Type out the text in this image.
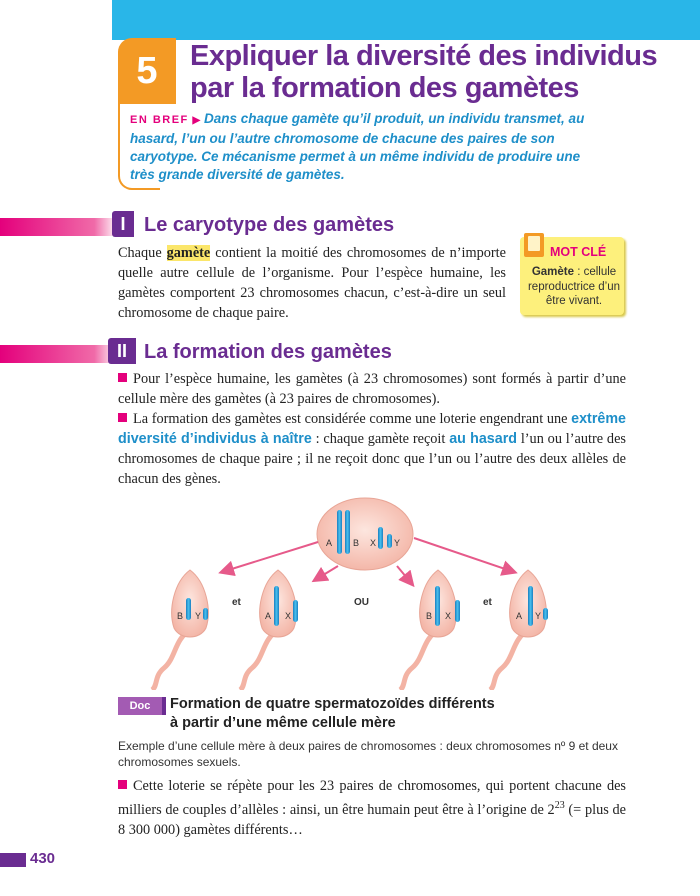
5	Expliquer la diversité des individus
par la formation des gamètes
EN BREF ▶ Dans chaque gamète qu’il produit, un individu transmet, au hasard, l’un ou l’autre chromosome de chacune des paires de son caryotype. Ce mécanisme permet à un même individu de produire une très grande diversité de gamètes.
I Le caryotype des gamètes
Chaque gamète contient la moitié des chromosomes de n’importe quelle autre cellule de l’organisme. Pour l’espèce humaine, les gamètes comportent 23 chromosomes chacun, c’est-à-dire un seul chromosome de chaque paire.
MOT CLÉ
Gamète : cellule reproductrice d’un être vivant.
II La formation des gamètes
Pour l’espèce humaine, les gamètes (à 23 chromosomes) sont formés à partir d’une cellule mère des gamètes (à 23 paires de chromosomes).
La formation des gamètes est considérée comme une loterie engendrant une extrême diversité d’individus à naître : chaque gamète reçoit au hasard l’un ou l’autre des chromosomes de chaque paire ; il ne reçoit donc que l’un ou l’autre des deux allèles de chacun des gènes.
A B X Y
B Y
et
A X
OU
B X
et
A Y
Doc	Formation de quatre spermatozoïdes différents
à partir d’une même cellule mère
Exemple d’une cellule mère à deux paires de chromosomes : deux chromosomes nº 9 et deux chromosomes sexuels.
Cette loterie se répète pour les 23 paires de chromosomes, qui portent chacune des milliers de couples d’allèles : ainsi, un être humain peut être à l’origine de $2^{23}$ (= plus de 8 300 000) gamètes différents…
430
